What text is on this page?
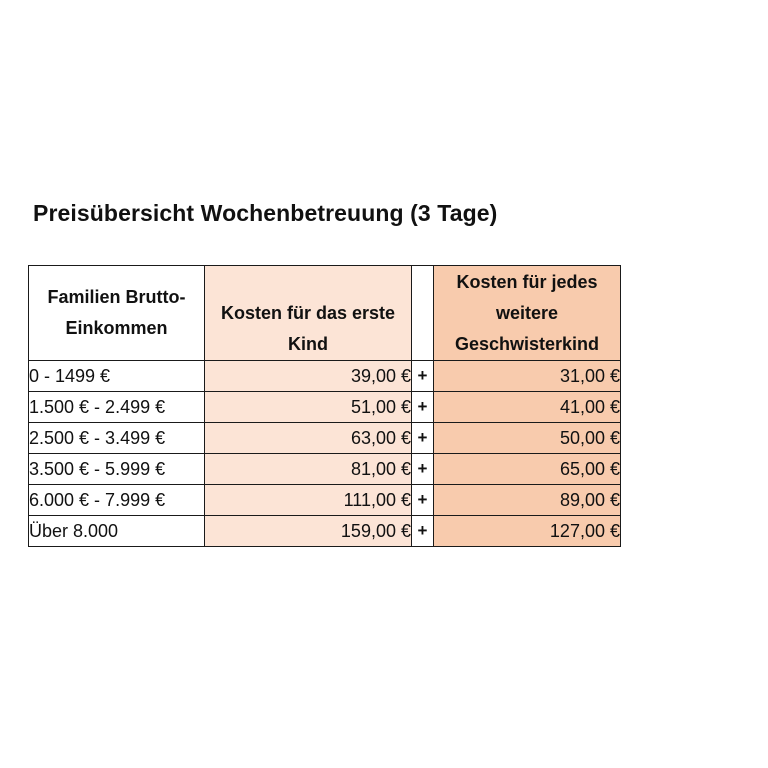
Preisübersicht Wochenbetreuung (3 Tage)
Familien Brutto-Einkommen	Kosten für das erste Kind		Kosten für jedes weitere Geschwisterkind
0 - 1499 €	39,00 €	+	31,00 €
1.500 € - 2.499 €	51,00 €	+	41,00 €
2.500 € - 3.499 €	63,00 €	+	50,00 €
3.500 € - 5.999 €	81,00 €	+	65,00 €
6.000 € - 7.999 €	111,00 €	+	89,00 €
Über 8.000	159,00 €	+	127,00 €
